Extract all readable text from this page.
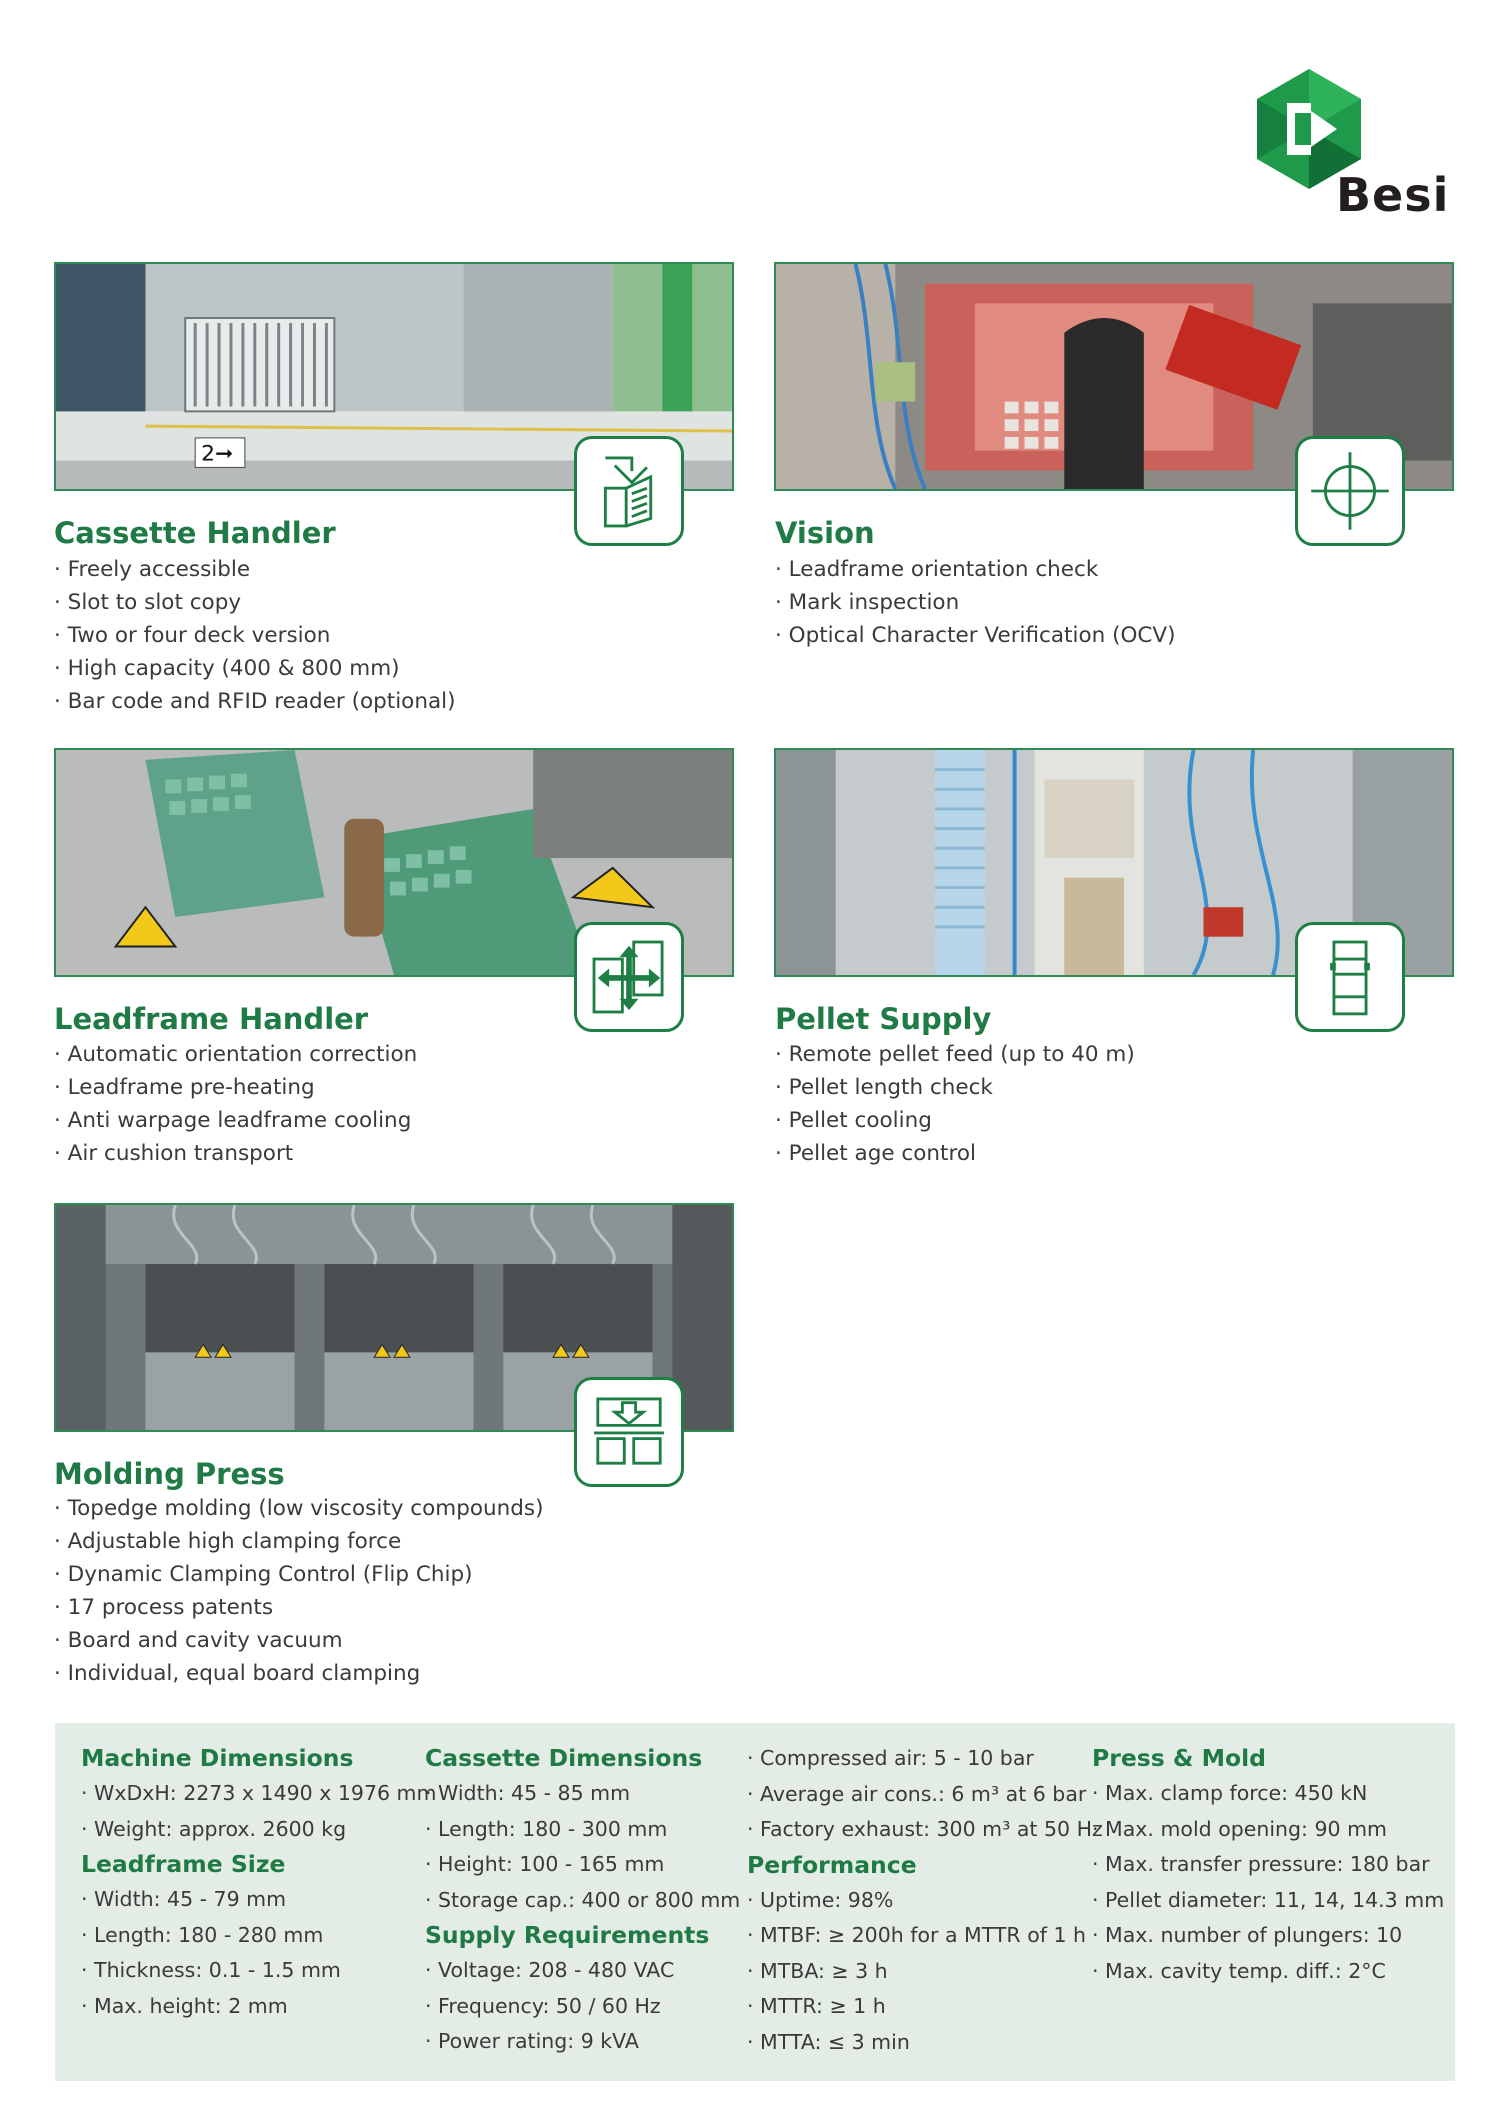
Besi
2➞
Cassette Handler
· Freely accessible
· Slot to slot copy
· Two or four deck version
· High capacity (400 & 800 mm)
· Bar code and RFID reader (optional)
Vision
· Leadframe orientation check
· Mark inspection
· Optical Character Verification (OCV)
Leadframe Handler
· Automatic orientation correction
· Leadframe pre-heating
· Anti warpage leadframe cooling
· Air cushion transport
Pellet Supply
· Remote pellet feed (up to 40 m)
· Pellet length check
· Pellet cooling
· Pellet age control
Molding Press
· Topedge molding (low viscosity compounds)
· Adjustable high clamping force
· Dynamic Clamping Control (Flip Chip)
· 17 process patents
· Board and cavity vacuum
· Individual, equal board clamping
Machine Dimensions
· WxDxH: 2273 x 1490 x 1976 mm
· Weight: approx. 2600 kg
Leadframe Size
· Width: 45 - 79 mm
· Length: 180 - 280 mm
· Thickness: 0.1 - 1.5 mm
· Max. height: 2 mm
Cassette Dimensions
· Width: 45 - 85 mm
· Length: 180 - 300 mm
· Height: 100 - 165 mm
· Storage cap.: 400 or 800 mm
Supply Requirements
· Voltage: 208 - 480 VAC
· Frequency: 50 / 60 Hz
· Power rating: 9 kVA
· Compressed air: 5 - 10 bar
· Average air cons.: 6 m³ at 6 bar
· Factory exhaust: 300 m³ at 50 Hz
Performance
· Uptime: 98%
· MTBF: ≥ 200h for a MTTR of 1 h
· MTBA: ≥ 3 h
· MTTR: ≥ 1 h
· MTTA: ≤ 3 min
Press & Mold
· Max. clamp force: 450 kN
· Max. mold opening: 90 mm
· Max. transfer pressure: 180 bar
· Pellet diameter: 11, 14, 14.3 mm
· Max. number of plungers: 10
· Max. cavity temp. diff.: 2°C
